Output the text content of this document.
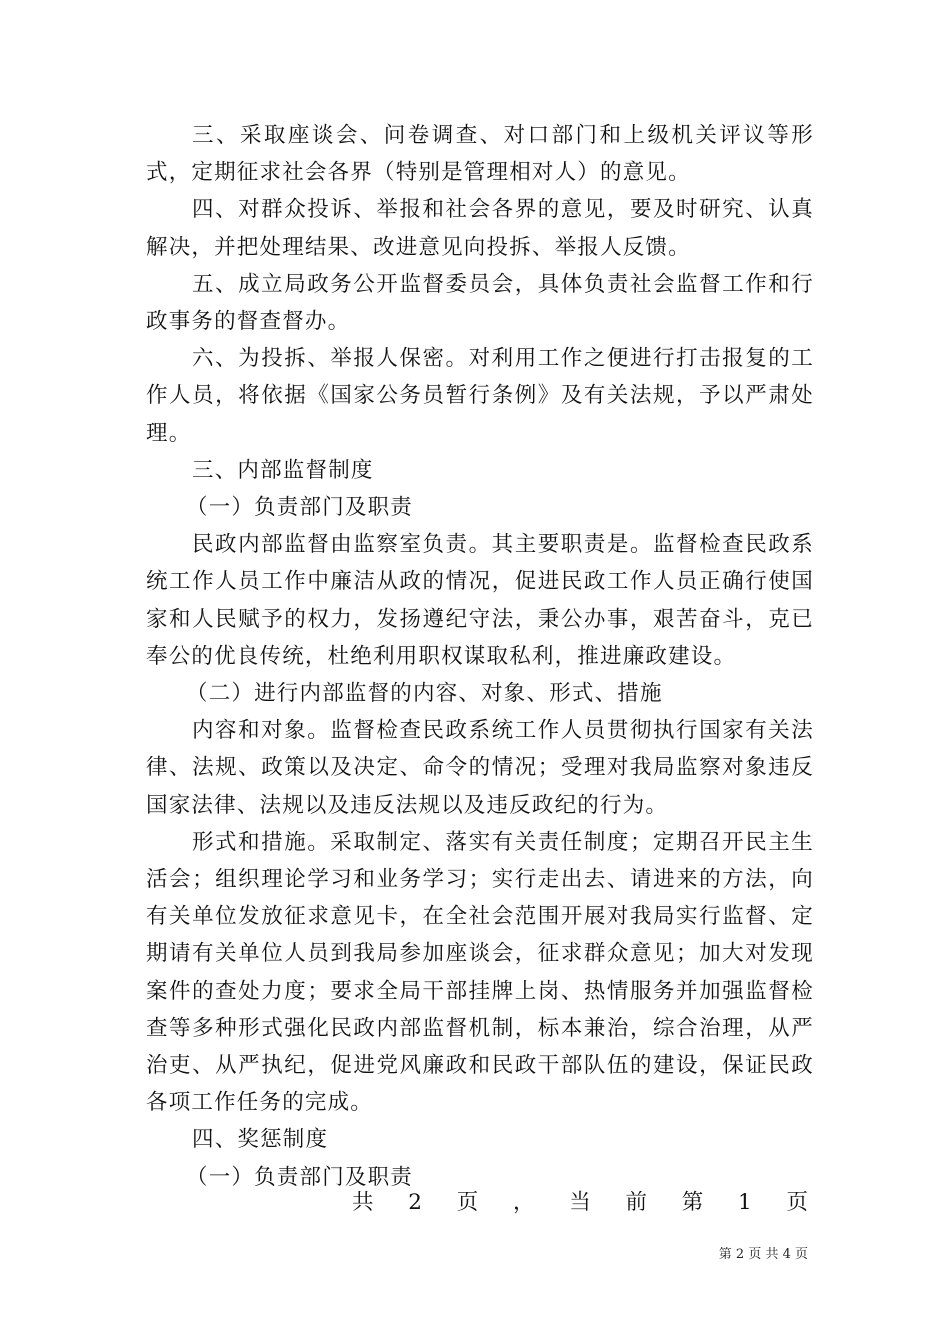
三、采取座谈会、问卷调查、对口部门和上级机关评议等形式，定期征求社会各界（特别是管理相对人）的意见。

四、对群众投诉、举报和社会各界的意见，要及时研究、认真解决，并把处理结果、改进意见向投拆、举报人反馈。

五、成立局政务公开监督委员会，具体负责社会监督工作和行政事务的督查督办。

六、为投拆、举报人保密。对利用工作之便进行打击报复的工作人员，将依据《国家公务员暂行条例》及有关法规，予以严肃处理。

三、内部监督制度

（一）负责部门及职责

民政内部监督由监察室负责。其主要职责是。监督检查民政系统工作人员工作中廉洁从政的情况，促进民政工作人员正确行使国家和人民赋予的权力，发扬遵纪守法，秉公办事，艰苦奋斗，克已奉公的优良传统，杜绝利用职权谋取私利，推进廉政建设。

（二）进行内部监督的内容、对象、形式、措施

内容和对象。监督检查民政系统工作人员贯彻执行国家有关法律、法规、政策以及决定、命令的情况；受理对我局监察对象违反国家法律、法规以及违反法规以及违反政纪的行为。

形式和措施。采取制定、落实有关责任制度；定期召开民主生活会；组织理论学习和业务学习；实行走出去、请进来的方法，向有关单位发放征求意见卡，在全社会范围开展对我局实行监督、定期请有关单位人员到我局参加座谈会，征求群众意见；加大对发现案件的查处力度；要求全局干部挂牌上岗、热情服务并加强监督检查等多种形式强化民政内部监督机制，标本兼治，综合治理，从严治吏、从严执纪，促进党风廉政和民政干部队伍的建设，保证民政各项工作任务的完成。

四、奖惩制度

（一）负责部门及职责

共 2 页 ， 当 前 第 1 页
第 2 页 共 4 页
